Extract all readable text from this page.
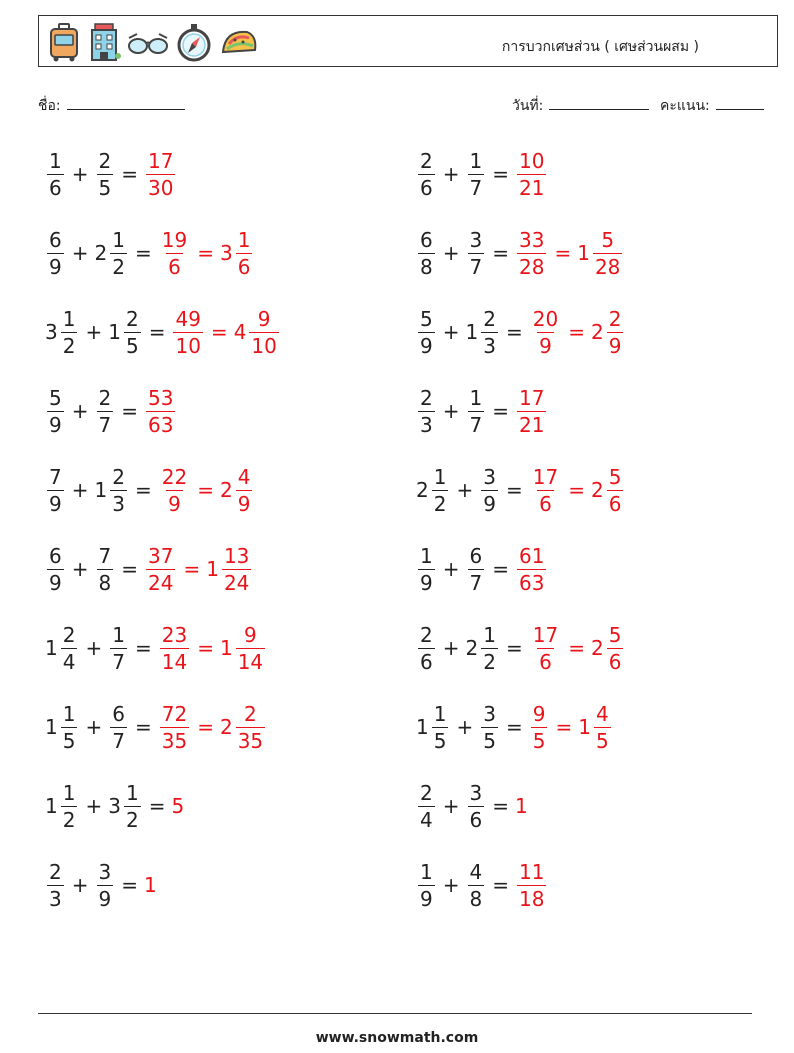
การบวกเศษส่วน ( เศษส่วนผสม )
ชื่อ:	วันที่:	คะแนน:
$\frac{1}{6} + \frac{2}{5} = \frac{17}{30}$
$\frac{6}{9} + 2 \frac{1}{2} = \frac{19}{6} = 3 \frac{1}{6}$
$3 \frac{1}{2} + 1 \frac{2}{5} = \frac{49}{10} = 4 \frac{9}{10}$
$\frac{5}{9} + \frac{2}{7} = \frac{53}{63}$
$\frac{7}{9} + 1 \frac{2}{3} = \frac{22}{9} = 2 \frac{4}{9}$
$\frac{6}{9} + \frac{7}{8} = \frac{37}{24} = 1 \frac{13}{24}$
$1 \frac{2}{4} + \frac{1}{7} = \frac{23}{14} = 1 \frac{9}{14}$
$1 \frac{1}{5} + \frac{6}{7} = \frac{72}{35} = 2 \frac{2}{35}$
$1 \frac{1}{2} + 3 \frac{1}{2} = 5$
$\frac{2}{3} + \frac{3}{9} = 1$
$\frac{2}{6} + \frac{1}{7} = \frac{10}{21}$
$\frac{6}{8} + \frac{3}{7} = \frac{33}{28} = 1 \frac{5}{28}$
$\frac{5}{9} + 1 \frac{2}{3} = \frac{20}{9} = 2 \frac{2}{9}$
$\frac{2}{3} + \frac{1}{7} = \frac{17}{21}$
$2 \frac{1}{2} + \frac{3}{9} = \frac{17}{6} = 2 \frac{5}{6}$
$\frac{1}{9} + \frac{6}{7} = \frac{61}{63}$
$\frac{2}{6} + 2 \frac{1}{2} = \frac{17}{6} = 2 \frac{5}{6}$
$1 \frac{1}{5} + \frac{3}{5} = \frac{9}{5} = 1 \frac{4}{5}$
$\frac{2}{4} + \frac{3}{6} = 1$
$\frac{1}{9} + \frac{4}{8} = \frac{11}{18}$
www.snowmath.com
